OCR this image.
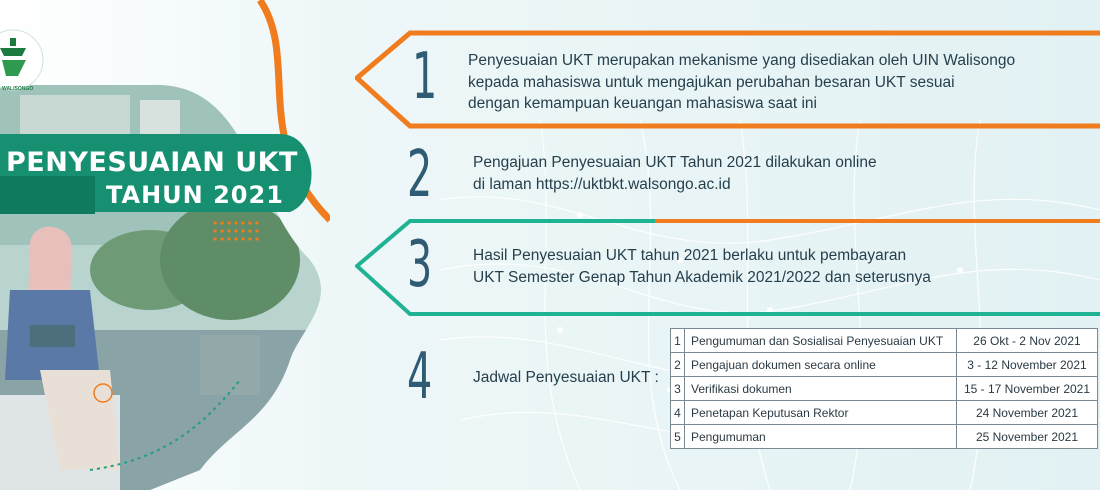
PENYESUAIAN UKT
TAHUN 2021
WALISONGO	1
2
3
4
Penyesuaian UKT merupakan mekanisme yang disediakan oleh UIN Walisongo
kepada mahasiswa untuk mengajukan perubahan besaran UKT sesuai
dengan kemampuan keuangan mahasiswa saat ini
Pengajuan Penyesuaian UKT Tahun 2021 dilakukan online
di laman https://uktbkt.walsongo.ac.id
Hasil Penyesuaian UKT tahun 2021 berlaku untuk pembayaran
UKT Semester Genap Tahun Akademik 2021/2022 dan seterusnya
Jadwal Penyesuaian UKT :
1	Pengumuman dan Sosialisai Penyesuaian UKT	26 Okt - 2 Nov 2021
2	Pengajuan dokumen secara online	3 - 12 November 2021
3	Verifikasi dokumen	15 - 17 November 2021
4	Penetapan Keputusan Rektor	24 November 2021
5	Pengumuman	25 November 2021
